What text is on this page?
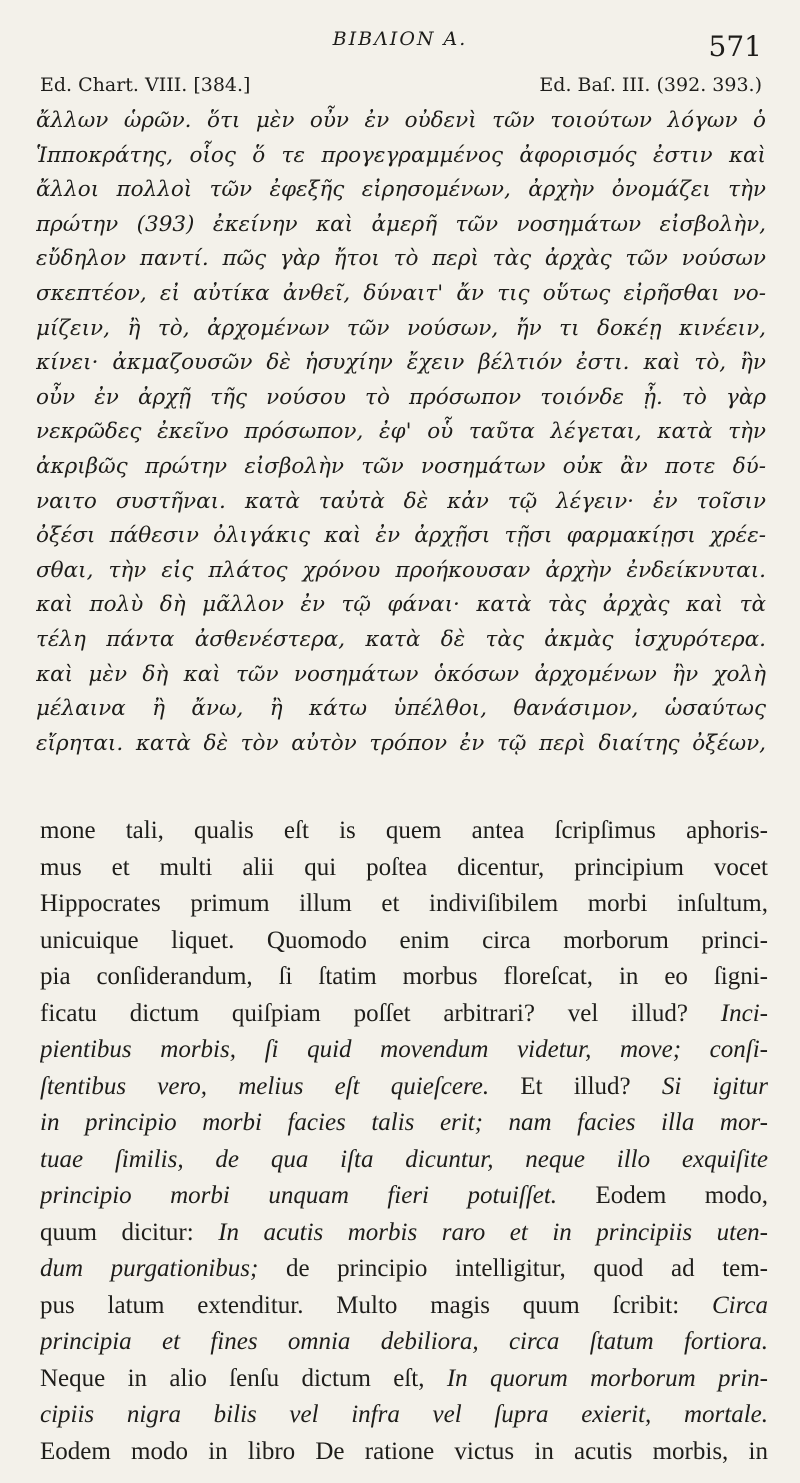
ΒΙΒΛΙΟΝ Α.	571
Ed. Chart. VIII. [384.]	Ed. Baſ. III. (392. 393.)
ἄλλων ὡρῶν. ὅτι μὲν οὖν ἐν οὐδενὶ τῶν τοιούτων λόγων ὁ
Ἱπποκράτης, οἷος ὅ τε προγεγραμμένος ἀφορισμός ἐστιν καὶ
ἄλλοι πολλοὶ τῶν ἐφεξῆς εἰρησομένων, ἀρχὴν ὀνομάζει τὴν
πρώτην (393) ἐκείνην καὶ ἀμερῆ τῶν νοσημάτων εἰσβολὴν,
εὔδηλον παντί. πῶς γὰρ ἤτοι τὸ περὶ τὰς ἀρχὰς τῶν νούσων
σκεπτέον, εἰ αὐτίκα ἀνθεῖ, δύναιτ' ἄν τις οὕτως εἰρῆσθαι νο-
μίζειν, ἢ τὸ, ἀρχομένων τῶν νούσων, ἤν τι δοκέῃ κινέειν,
κίνει· ἀκμαζουσῶν δὲ ἡσυχίην ἔχειν βέλτιόν ἐστι. καὶ τὸ, ἢν
οὖν ἐν ἀρχῇ τῆς νούσου τὸ πρόσωπον τοιόνδε ᾖ. τὸ γὰρ
νεκρῶδες ἐκεῖνο πρόσωπον, ἐφ' οὗ ταῦτα λέγεται, κατὰ τὴν
ἀκριβῶς πρώτην εἰσβολὴν τῶν νοσημάτων οὐκ ἂν ποτε δύ-
ναιτο συστῆναι. κατὰ ταὐτὰ δὲ κἀν τῷ λέγειν· ἐν τοῖσιν
ὀξέσι πάθεσιν ὀλιγάκις καὶ ἐν ἀρχῇσι τῇσι φαρμακίῃσι χρέε-
σθαι, τὴν εἰς πλάτος χρόνου προήκουσαν ἀρχὴν ἐνδείκνυται.
καὶ πολὺ δὴ μᾶλλον ἐν τῷ φάναι· κατὰ τὰς ἀρχὰς καὶ τὰ
τέλη πάντα ἀσθενέστερα, κατὰ δὲ τὰς ἀκμὰς ἰσχυρότερα.
καὶ μὲν δὴ καὶ τῶν νοσημάτων ὁκόσων ἀρχομένων ἢν χολὴ
μέλαινα ἢ ἄνω, ἢ κάτω ὑπέλθοι, θανάσιμον, ὡσαύτως
εἴρηται. κατὰ δὲ τὸν αὐτὸν τρόπον ἐν τῷ περὶ διαίτης ὀξέων,
mone tali, qualis eſt is quem antea ſcripſimus aphoris-
mus et multi alii qui poſtea dicentur, principium vocet
Hippocrates primum illum et indiviſibilem morbi inſultum,
unicuique liquet. Quomodo enim circa morborum princi-
pia conſiderandum, ſi ſtatim morbus floreſcat, in eo ſigni-
ficatu dictum quiſpiam poſſet arbitrari? vel illud? Inci-
pientibus morbis, ſi quid movendum videtur, move; conſi-
ſtentibus vero, melius eſt quieſcere. Et illud? Si igitur
in principio morbi facies talis erit; nam facies illa mor-
tuae ſimilis, de qua iſta dicuntur, neque illo exquiſite
principio morbi unquam fieri potuiſſet. Eodem modo,
quum dicitur: In acutis morbis raro et in principiis uten-
dum purgationibus; de principio intelligitur, quod ad tem-
pus latum extenditur. Multo magis quum ſcribit: Circa
principia et fines omnia debiliora, circa ſtatum fortiora.
Neque in alio ſenſu dictum eſt, In quorum morborum prin-
cipiis nigra bilis vel infra vel ſupra exierit, mortale.
Eodem modo in libro De ratione victus in acutis morbis, in
